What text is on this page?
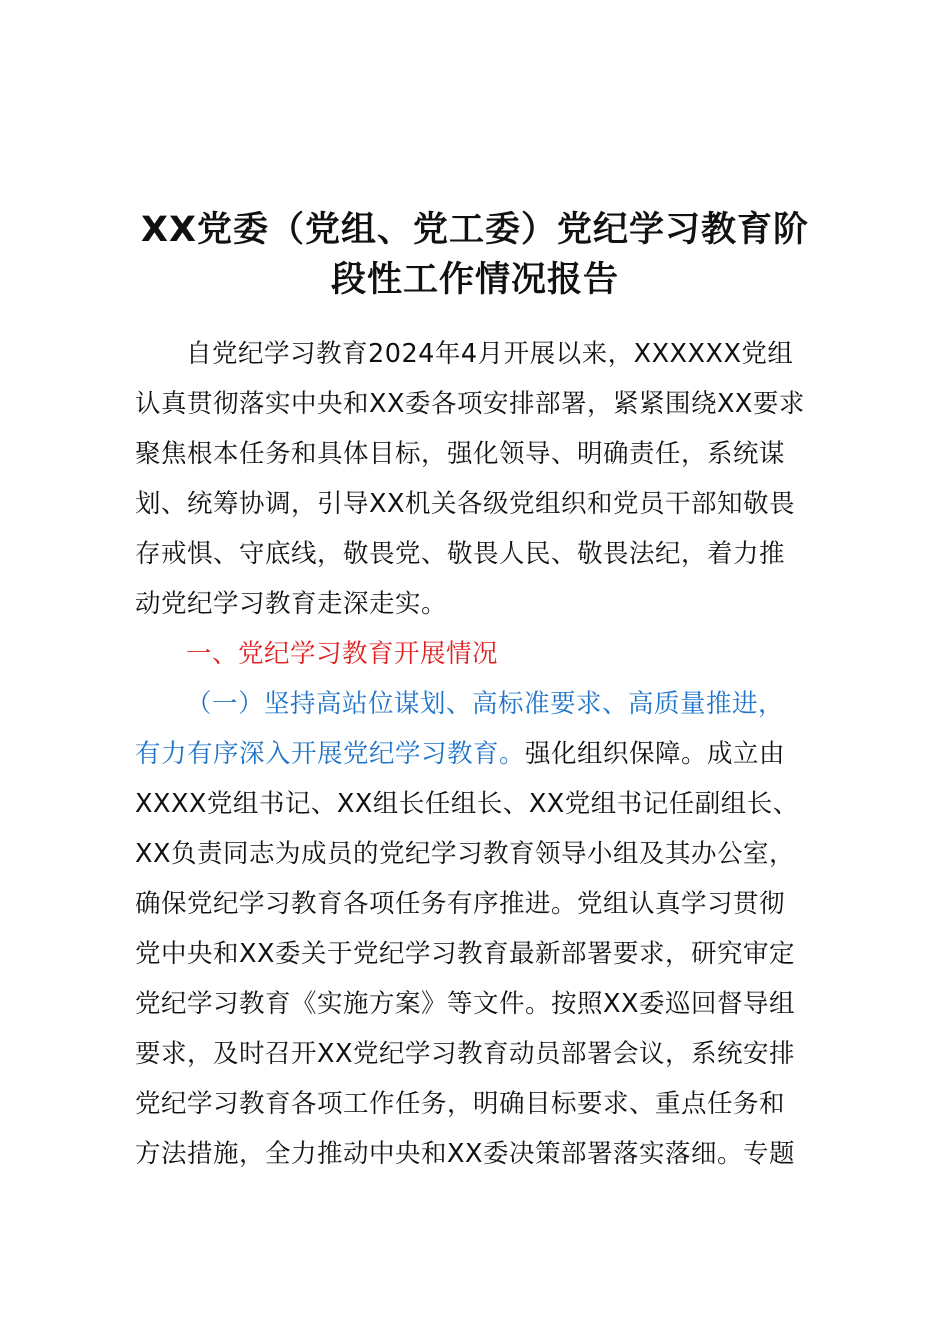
XX党委（党组、党工委）党纪学习教育阶
段性工作情况报告
自党纪学习教育2024年4月开展以来，XXXXXX党组
认真贯彻落实中央和XX委各项安排部署，紧紧围绕XX要求
聚焦根本任务和具体目标，强化领导、明确责任，系统谋
划、统筹协调，引导XX机关各级党组织和党员干部知敬畏
存戒惧、守底线，敬畏党、敬畏人民、敬畏法纪，着力推
动党纪学习教育走深走实。
一、党纪学习教育开展情况
（一）坚持高站位谋划、高标准要求、高质量推进，
有力有序深入开展党纪学习教育。强化组织保障。成立由
XXXX党组书记、XX组长任组长、XX党组书记任副组长、
XX负责同志为成员的党纪学习教育领导小组及其办公室，
确保党纪学习教育各项任务有序推进。党组认真学习贯彻
党中央和XX委关于党纪学习教育最新部署要求，研究审定
党纪学习教育《实施方案》等文件。按照XX委巡回督导组
要求，及时召开XX党纪学习教育动员部署会议，系统安排
党纪学习教育各项工作任务，明确目标要求、重点任务和
方法措施，全力推动中央和XX委决策部署落实落细。专题
